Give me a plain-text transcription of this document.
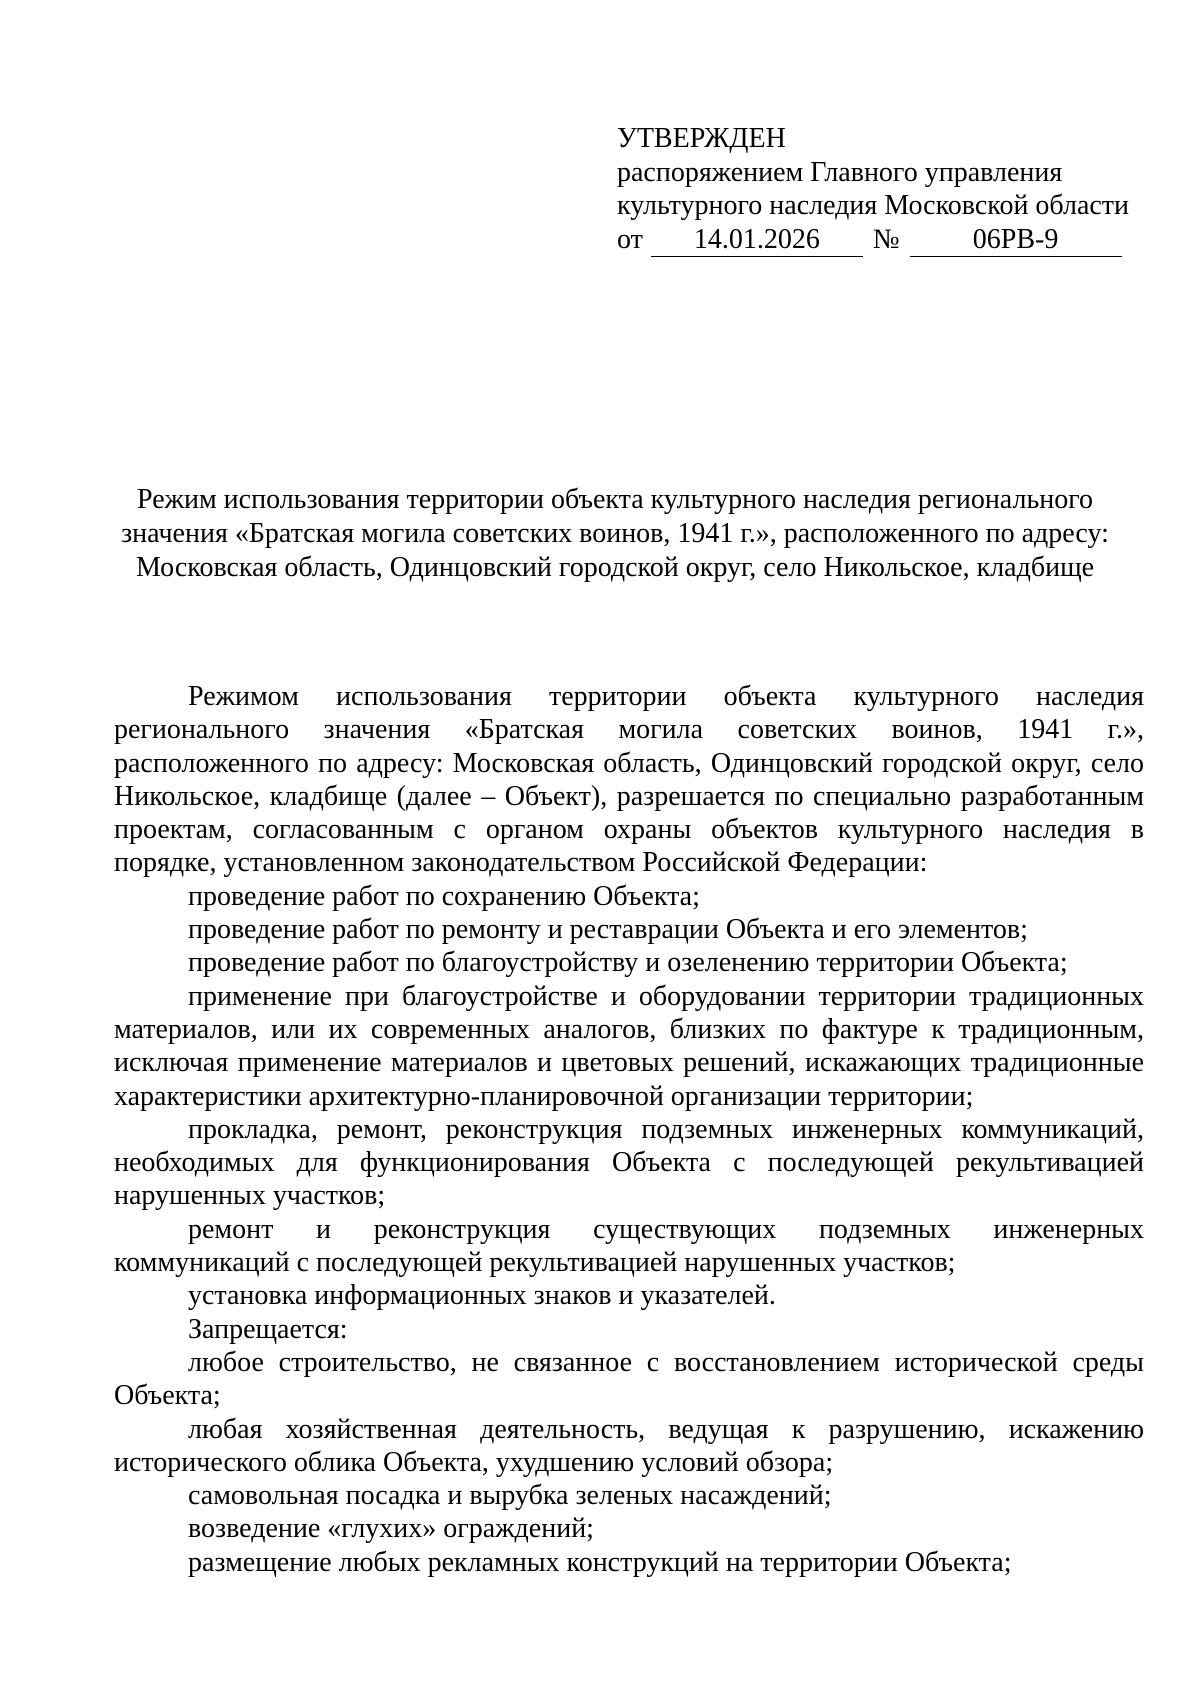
УТВЕРЖДЕН
распоряжением Главного управления
культурного наследия Московской области
от	14.01.2026	№	06РВ-9
Режим использования территории объекта культурного наследия регионального
значения «Братская могила советских воинов, 1941 г.», расположенного по адресу:
Московская область, Одинцовский городской округ, село Никольское, кладбище

Режимом использования территории объекта культурного наследия регионального значения «Братская могила советских воинов, 1941 г.», расположенного по адресу: Московская область, Одинцовский городской округ, село Никольское, кладбище (далее – Объект), разрешается по специально разработанным проектам, согласованным с органом охраны объектов культурного наследия в порядке, установленном законодательством Российской Федерации:

проведение работ по сохранению Объекта;

проведение работ по ремонту и реставрации Объекта и его элементов;

проведение работ по благоустройству и озеленению территории Объекта;

применение при благоустройстве и оборудовании территории традиционных материалов, или их современных аналогов, близких по фактуре к традиционным, исключая применение материалов и цветовых решений, искажающих традиционные характеристики архитектурно-планировочной организации территории;

прокладка, ремонт, реконструкция подземных инженерных коммуникаций, необходимых для функционирования Объекта с последующей рекультивацией нарушенных участков;

ремонт и реконструкция существующих подземных инженерных коммуникаций с последующей рекультивацией нарушенных участков;

установка информационных знаков и указателей.

Запрещается:

любое строительство, не связанное с восстановлением исторической среды Объекта;

любая хозяйственная деятельность, ведущая к разрушению, искажению исторического облика Объекта, ухудшению условий обзора;

самовольная посадка и вырубка зеленых насаждений;

возведение «глухих» ограждений;

размещение любых рекламных конструкций на территории Объекта;
